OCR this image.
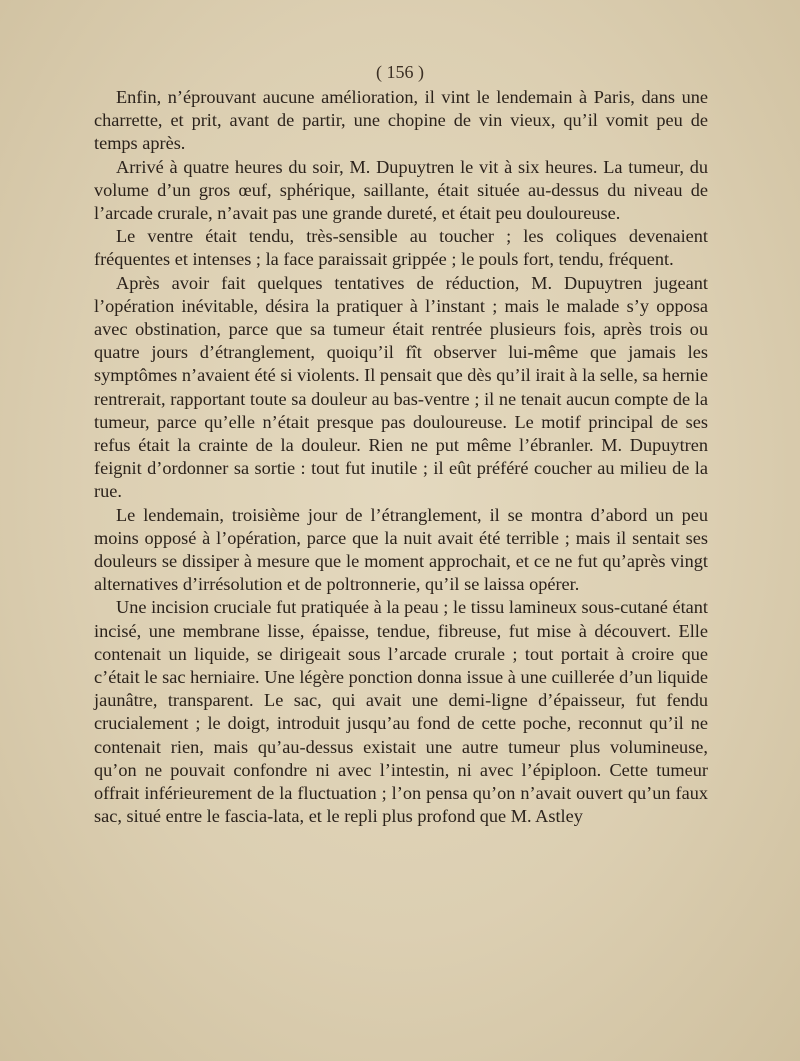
( 156 )

Enfin, n’éprouvant aucune amélioration, il vint le lendemain à Paris, dans une charrette, et prit, avant de partir, une chopine de vin vieux, qu’il vomit peu de temps après.

Arrivé à quatre heures du soir, M. Dupuytren le vit à six heures. La tumeur, du volume d’un gros œuf, sphérique, saillante, était située au-dessus du niveau de l’arcade crurale, n’avait pas une grande dureté, et était peu douloureuse.

Le ventre était tendu, très-sensible au toucher ; les coliques devenaient fréquentes et intenses ; la face paraissait grippée ; le pouls fort, tendu, fréquent.

Après avoir fait quelques tentatives de réduction, M. Dupuytren jugeant l’opération inévitable, désira la pratiquer à l’instant ; mais le malade s’y opposa avec obstination, parce que sa tumeur était rentrée plusieurs fois, après trois ou quatre jours d’étranglement, quoiqu’il fît observer lui-même que jamais les symptômes n’avaient été si violents. Il pensait que dès qu’il irait à la selle, sa hernie rentrerait, rapportant toute sa douleur au bas-ventre ; il ne tenait aucun compte de la tumeur, parce qu’elle n’était presque pas douloureuse. Le motif principal de ses refus était la crainte de la douleur. Rien ne put même l’ébranler. M. Dupuytren feignit d’ordonner sa sortie : tout fut inutile ; il eût préféré coucher au milieu de la rue.

Le lendemain, troisième jour de l’étranglement, il se montra d’abord un peu moins opposé à l’opération, parce que la nuit avait été terrible ; mais il sentait ses douleurs se dissiper à mesure que le moment approchait, et ce ne fut qu’après vingt alternatives d’irrésolution et de poltronnerie, qu’il se laissa opérer.

Une incision cruciale fut pratiquée à la peau ; le tissu lamineux sous-cutané étant incisé, une membrane lisse, épaisse, tendue, fibreuse, fut mise à découvert. Elle contenait un liquide, se dirigeait sous l’arcade crurale ; tout portait à croire que c’était le sac herniaire. Une légère ponction donna issue à une cuillerée d’un liquide jaunâtre, transparent. Le sac, qui avait une demi-ligne d’épaisseur, fut fendu crucialement ; le doigt, introduit jusqu’au fond de cette poche, reconnut qu’il ne contenait rien, mais qu’au-dessus existait une autre tumeur plus volumineuse, qu’on ne pouvait confondre ni avec l’intestin, ni avec l’épiploon. Cette tumeur offrait inférieurement de la fluctuation ; l’on pensa qu’on n’avait ouvert qu’un faux sac, situé entre le fascia-lata, et le repli plus profond que M. Astley
